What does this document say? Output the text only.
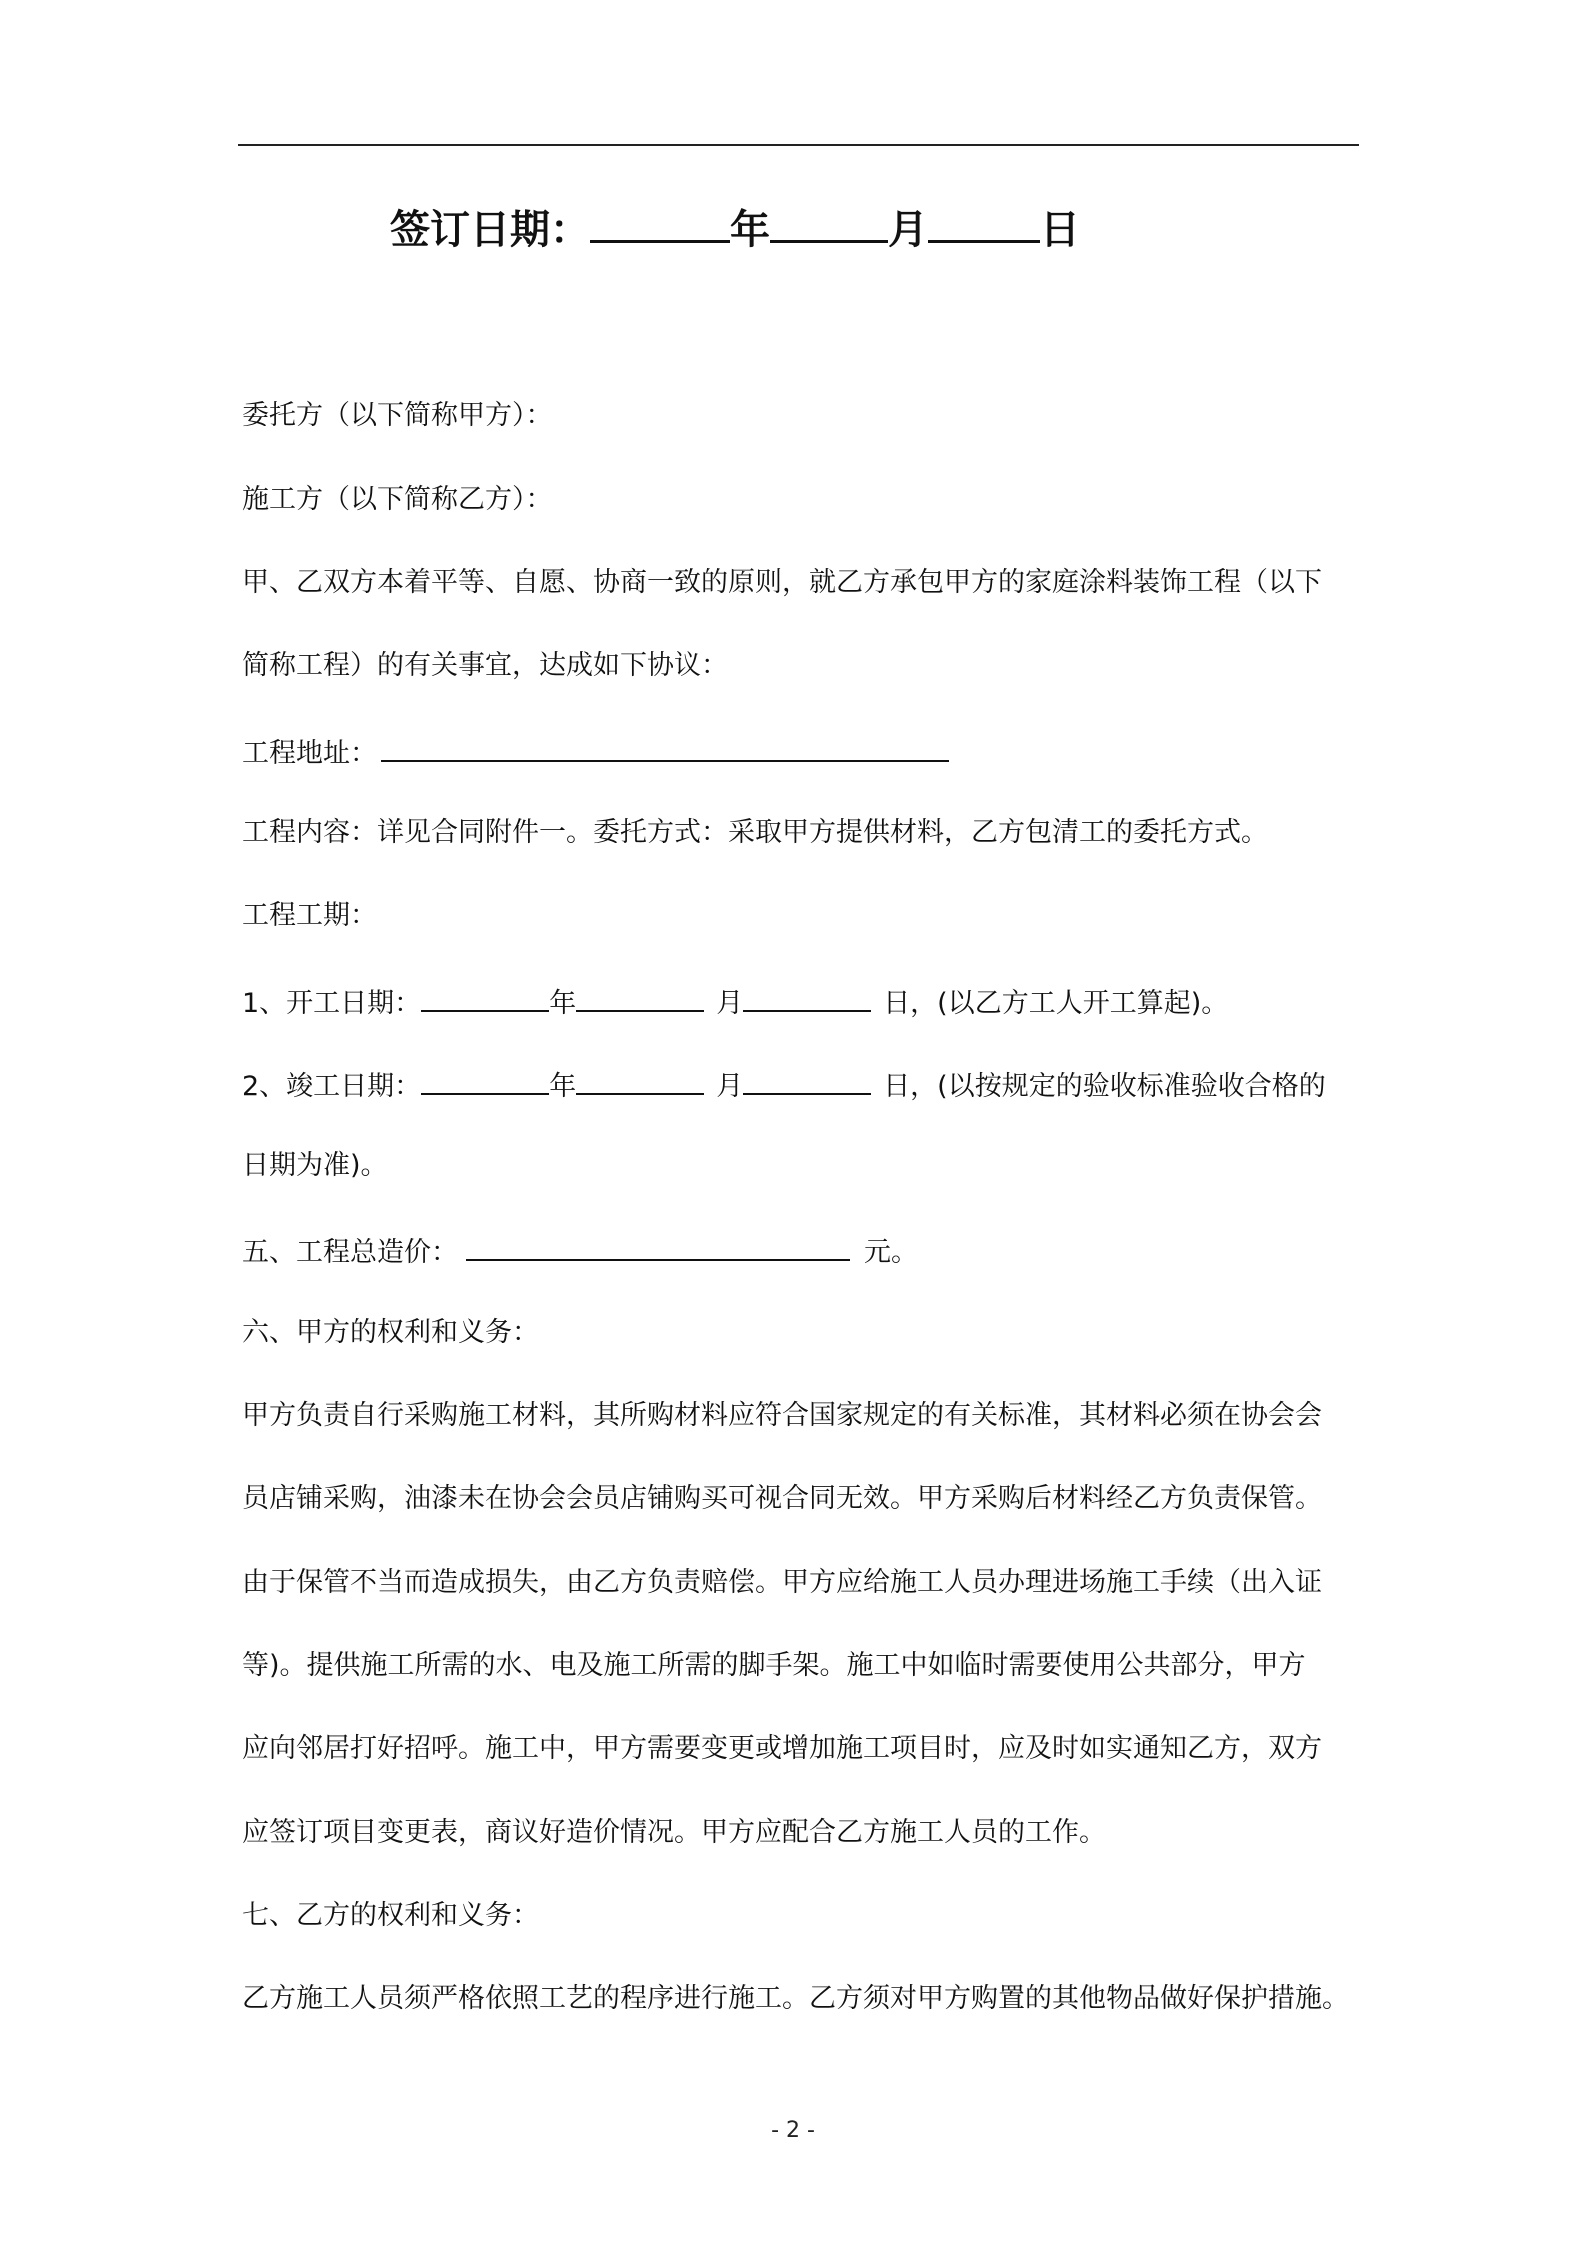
签订日期：	年	月	日
委托方（以下简称甲方）：
施工方（以下简称乙方）：
甲、乙双方本着平等、自愿、协商一致的原则，就乙方承包甲方的家庭涂料装饰工程（以下
简称工程）的有关事宜，达成如下协议：
工程地址：
工程内容：详见合同附件一。委托方式：采取甲方提供材料，乙方包清工的委托方式。
工程工期：
1、开工日期：	年	月	日，(以乙方工人开工算起)。
2、竣工日期：	年	月	日，(以按规定的验收标准验收合格的
日期为准)。
五、工程总造价：	元。
六、甲方的权利和义务：
甲方负责自行采购施工材料，其所购材料应符合国家规定的有关标准，其材料必须在协会会
员店铺采购，油漆未在协会会员店铺购买可视合同无效。甲方采购后材料经乙方负责保管。
由于保管不当而造成损失，由乙方负责赔偿。甲方应给施工人员办理进场施工手续（出入证
等)。提供施工所需的水、电及施工所需的脚手架。施工中如临时需要使用公共部分，甲方
应向邻居打好招呼。施工中，甲方需要变更或增加施工项目时，应及时如实通知乙方，双方
应签订项目变更表，商议好造价情况。甲方应配合乙方施工人员的工作。
七、乙方的权利和义务：
乙方施工人员须严格依照工艺的程序进行施工。乙方须对甲方购置的其他物品做好保护措施。
- 2 -
